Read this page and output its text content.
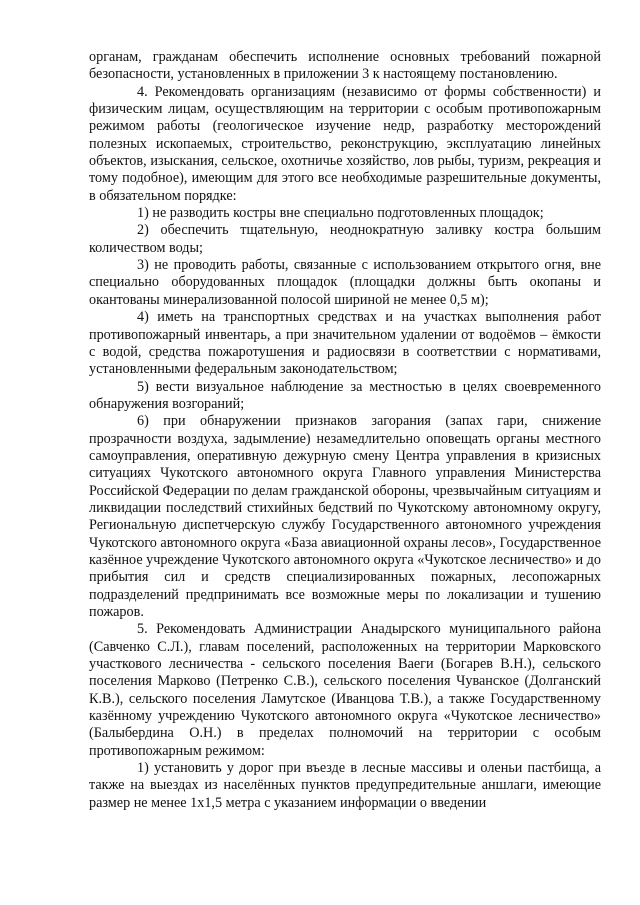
органам, гражданам обеспечить исполнение основных требований пожарной безопасности, установленных в приложении 3 к настоящему постановлению.

4. Рекомендовать организациям (независимо от формы собственности) и физическим лицам, осуществляющим на территории с особым противопожарным режимом работы (геологическое изучение недр, разработку месторождений полезных ископаемых, строительство, реконструкцию, эксплуатацию линейных объектов, изыскания, сельское, охотничье хозяйство, лов рыбы, туризм, рекреация и тому подобное), имеющим для этого все необходимые разрешительные документы, в обязательном порядке:

1) не разводить костры вне специально подготовленных площадок;

2) обеспечить тщательную, неоднократную заливку костра большим количеством воды;

3) не проводить работы, связанные с использованием открытого огня, вне специально оборудованных площадок (площадки должны быть окопаны и окантованы минерализованной полосой шириной не менее 0,5 м);

4) иметь на транспортных средствах и на участках выполнения работ противопожарный инвентарь, а при значительном удалении от водоёмов – ёмкости с водой, средства пожаротушения и радиосвязи в соответствии с нормативами, установленными федеральным законодательством;

5) вести визуальное наблюдение за местностью в целях своевременного обнаружения возгораний;

6) при обнаружении признаков загорания (запах гари, снижение прозрачности воздуха, задымление) незамедлительно оповещать органы местного самоуправления, оперативную дежурную смену Центра управления в кризисных ситуациях Чукотского автономного округа Главного управления Министерства Российской Федерации по делам гражданской обороны, чрезвычайным ситуациям и ликвидации последствий стихийных бедствий по Чукотскому автономному округу, Региональную диспетчерскую службу Государственного автономного учреждения Чукотского автономного округа «База авиационной охраны лесов», Государственное казённое учреждение Чукотского автономного округа «Чукотское лесничество» и до прибытия сил и средств специализированных пожарных, лесопожарных подразделений предпринимать все возможные меры по локализации и тушению пожаров.

5. Рекомендовать Администрации Анадырского муниципального района (Савченко С.Л.), главам поселений, расположенных на территории Марковского участкового лесничества - сельского поселения Ваеги (Богарев В.Н.), сельского поселения Марково (Петренко С.В.), сельского поселения Чуванское (Долганский К.В.), сельского поселения Ламутское (Иванцова Т.В.), а также Государственному казённому учреждению Чукотского автономного округа «Чукотское лесничество» (Балыбердина О.Н.) в пределах полномочий на территории с особым противопожарным режимом:

1) установить у дорог при въезде в лесные массивы и оленьи пастбища, а также на выездах из населённых пунктов предупредительные аншлаги, имеющие размер не менее 1х1,5 метра с указанием информации о введении
